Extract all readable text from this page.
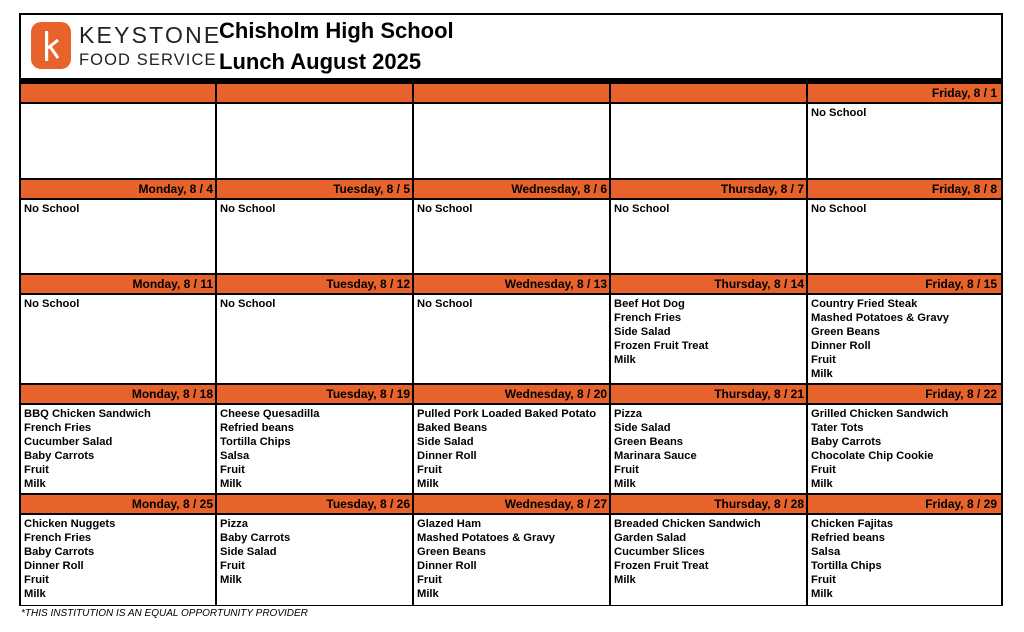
KEYSTONE
FOOD SERVICE
Chisholm High School
Lunch August 2025
Friday, 8 / 1
No School
Monday, 8 / 4
No School
Tuesday, 8 / 5
No School
Wednesday, 8 / 6
No School
Thursday, 8 / 7
No School
Friday, 8 / 8
No School
Monday, 8 / 11
No School
Tuesday, 8 / 12
No School
Wednesday, 8 / 13
No School
Thursday, 8 / 14
Beef Hot Dog
French Fries
Side Salad
Frozen Fruit Treat
Milk
Friday, 8 / 15
Country Fried Steak
Mashed Potatoes & Gravy
Green Beans
Dinner Roll
Fruit
Milk
Monday, 8 / 18
BBQ Chicken Sandwich
French Fries
Cucumber Salad
Baby Carrots
Fruit
Milk
Tuesday, 8 / 19
Cheese Quesadilla
Refried beans
Tortilla Chips
Salsa
Fruit
Milk
Wednesday, 8 / 20
Pulled Pork Loaded Baked Potato
Baked Beans
Side Salad
Dinner Roll
Fruit
Milk
Thursday, 8 / 21
Pizza
Side Salad
Green Beans
Marinara Sauce
Fruit
Milk
Friday, 8 / 22
Grilled Chicken Sandwich
Tater Tots
Baby Carrots
Chocolate Chip Cookie
Fruit
Milk
Monday, 8 / 25
Chicken Nuggets
French Fries
Baby Carrots
Dinner Roll
Fruit
Milk
Tuesday, 8 / 26
Pizza
Baby Carrots
Side Salad
Fruit
Milk
Wednesday, 8 / 27
Glazed Ham
Mashed Potatoes & Gravy
Green Beans
Dinner Roll
Fruit
Milk
Thursday, 8 / 28
Breaded Chicken Sandwich
Garden Salad
Cucumber Slices
Frozen Fruit Treat
Milk
Friday, 8 / 29
Chicken Fajitas
Refried beans
Salsa
Tortilla Chips
Fruit
Milk
*THIS INSTITUTION IS AN EQUAL OPPORTUNITY PROVIDER
